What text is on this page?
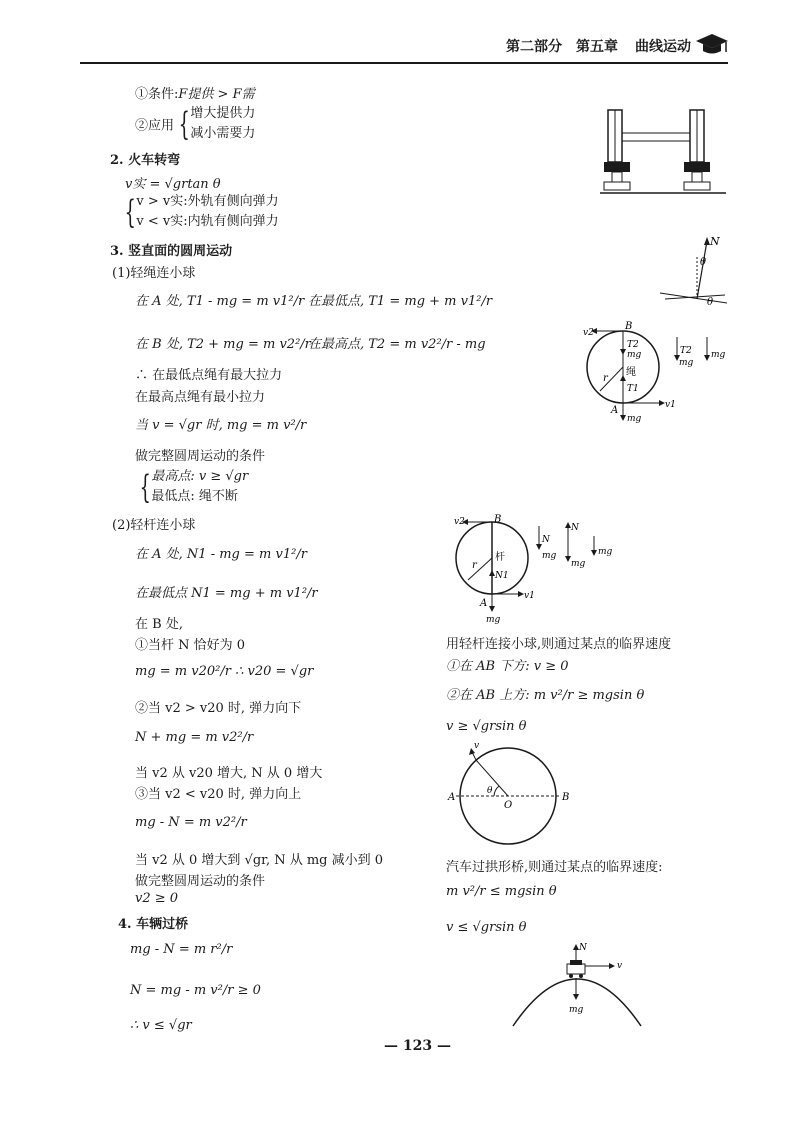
第二部分 第五章 曲线运动
①条件:F提供 > F需
②应用 {增大提供力
减小需要力
2. 火车转弯
v实 = √grtan θ
{v > v实:外轨有侧向弹力
v < v实:内轨有侧向弹力
3. 竖直面的圆周运动
(1)轻绳连小球
在 A 处, T1 - mg = m v1²/r 在最低点, T1 = mg + m v1²/r
在 B 处, T2 + mg = m v2²/r
在最高点, T2 = m v2²/r - mg
∴ 在最低点绳有最大拉力
在最高点绳有最小拉力
当 v = √gr 时, mg = m v²/r
做完整圆周运动的条件
{最高点: v ≥ √gr
最低点: 绳不断
(2)轻杆连小球
在 A 处, N1 - mg = m v1²/r
在最低点 N1 = mg + m v1²/r
在 B 处,
①当杆 N 恰好为 0
mg = m v20²/r ∴ v20 = √gr
②当 v2 > v20 时, 弹力向下
N + mg = m v2²/r
当 v2 从 v20 增大, N 从 0 增大
③当 v2 < v20 时, 弹力向上
mg - N = m v2²/r
当 v2 从 0 增大到 √gr, N 从 mg 减小到 0
做完整圆周运动的条件
v2 ≥ 0
4. 车辆过桥
mg - N = m r²/r
N = mg - m v²/r ≥ 0
∴ v ≤ √gr
用轻杆连接小球,则通过某点的临界速度
①在 AB 下方: v ≥ 0
②在 AB 上方: m v²/r ≥ mgsin θ
v ≥ √grsin θ
汽车过拱形桥,则通过某点的临界速度:
m v²/r ≤ mgsin θ
v ≤ √grsin θ
N
θ
θ
v2
B
T2
mg
r
绳
T1
A	v1
mg
T2
mg
mg
v2	B
r
杆
N1
A
v1
mg
N
mg
N
mg
mg
v
A
θ
O
B
N
v
mg
— 123 —
